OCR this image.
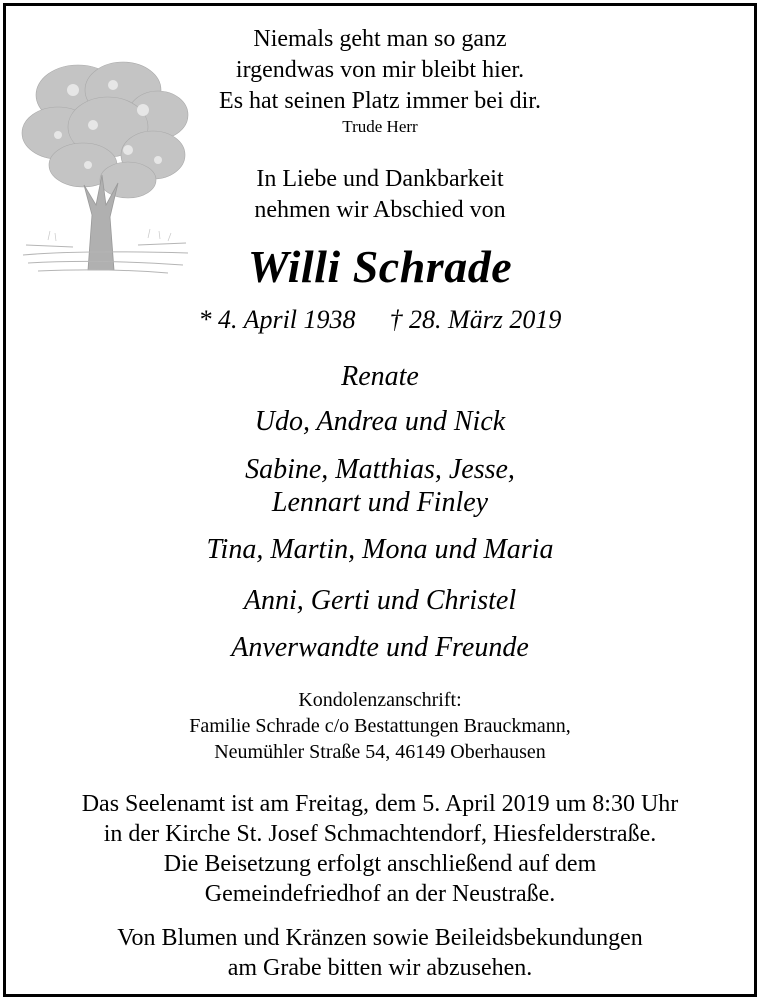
Niemals geht man so ganz
irgendwas von mir bleibt hier.
Es hat seinen Platz immer bei dir.
Trude Herr
In Liebe und Dankbarkeit
nehmen wir Abschied von
Willi Schrade
* 4. April 1938 † 28. März 2019
Renate
Udo, Andrea und Nick
Sabine, Matthias, Jesse,
Lennart und Finley
Tina, Martin, Mona und Maria
Anni, Gerti und Christel
Anverwandte und Freunde
Kondolenzanschrift:
Familie Schrade c/o Bestattungen Brauckmann,
Neumühler Straße 54, 46149 Oberhausen
Das Seelenamt ist am Freitag, dem 5. April 2019 um 8:30 Uhr
in der Kirche St. Josef Schmachtendorf, Hiesfelderstraße.
Die Beisetzung erfolgt anschließend auf dem
Gemeindefriedhof an der Neustraße.
Von Blumen und Kränzen sowie Beileidsbekundungen
am Grabe bitten wir abzusehen.
